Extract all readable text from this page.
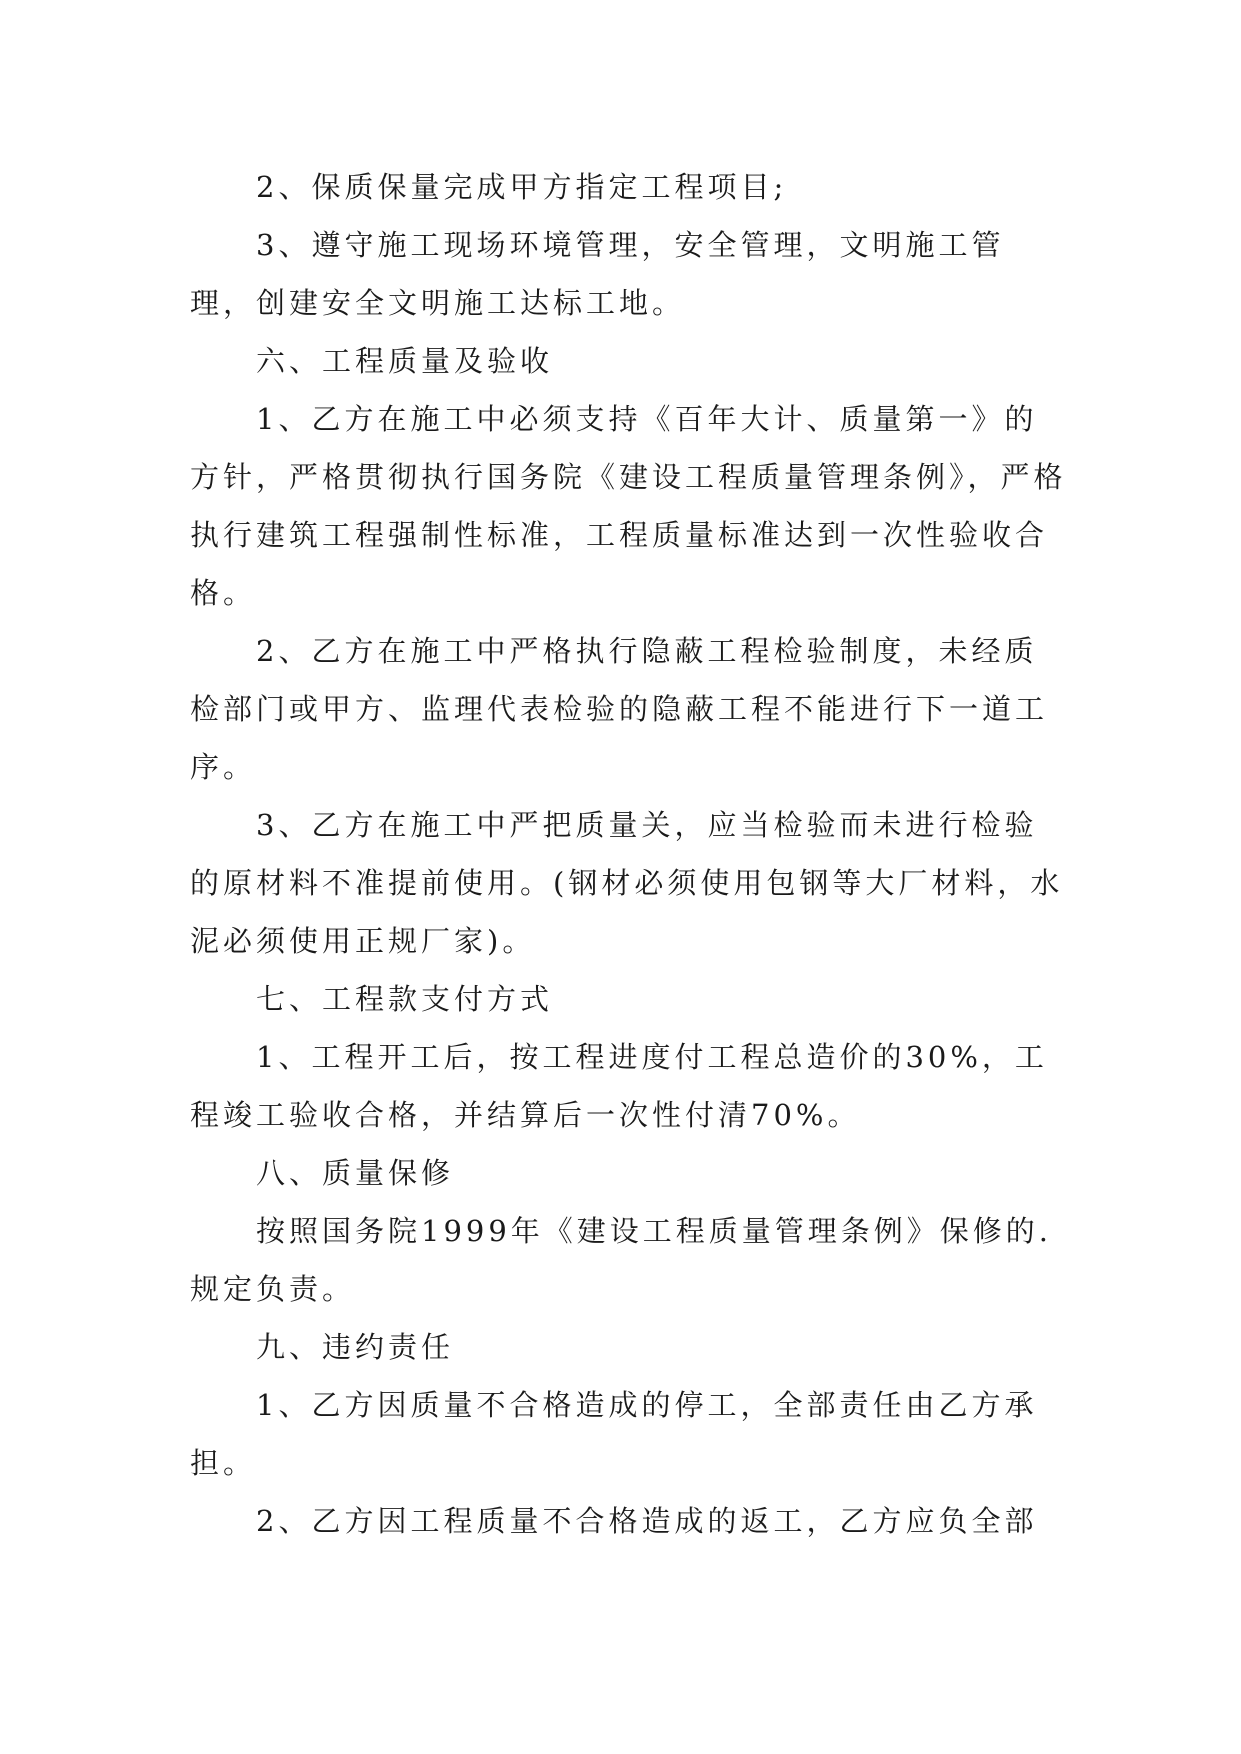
2、保质保量完成甲方指定工程项目;

3、遵守施工现场环境管理，安全管理，文明施工管理，创建安全文明施工达标工地。

六、工程质量及验收

1、乙方在施工中必须支持《百年大计、质量第一》的方针，严格贯彻执行国务院《建设工程质量管理条例》，严格执行建筑工程强制性标准，工程质量标准达到一次性验收合格。

2、乙方在施工中严格执行隐蔽工程检验制度，未经质检部门或甲方、监理代表检验的隐蔽工程不能进行下一道工序。

3、乙方在施工中严把质量关，应当检验而未进行检验的原材料不准提前使用。(钢材必须使用包钢等大厂材料，水泥必须使用正规厂家)。

七、工程款支付方式

1、工程开工后，按工程进度付工程总造价的30%，工程竣工验收合格，并结算后一次性付清70%。

八、质量保修

按照国务院1999年《建设工程质量管理条例》保修的.规定负责。

九、违约责任

1、乙方因质量不合格造成的停工，全部责任由乙方承担。

2、乙方因工程质量不合格造成的返工，乙方应负全部
